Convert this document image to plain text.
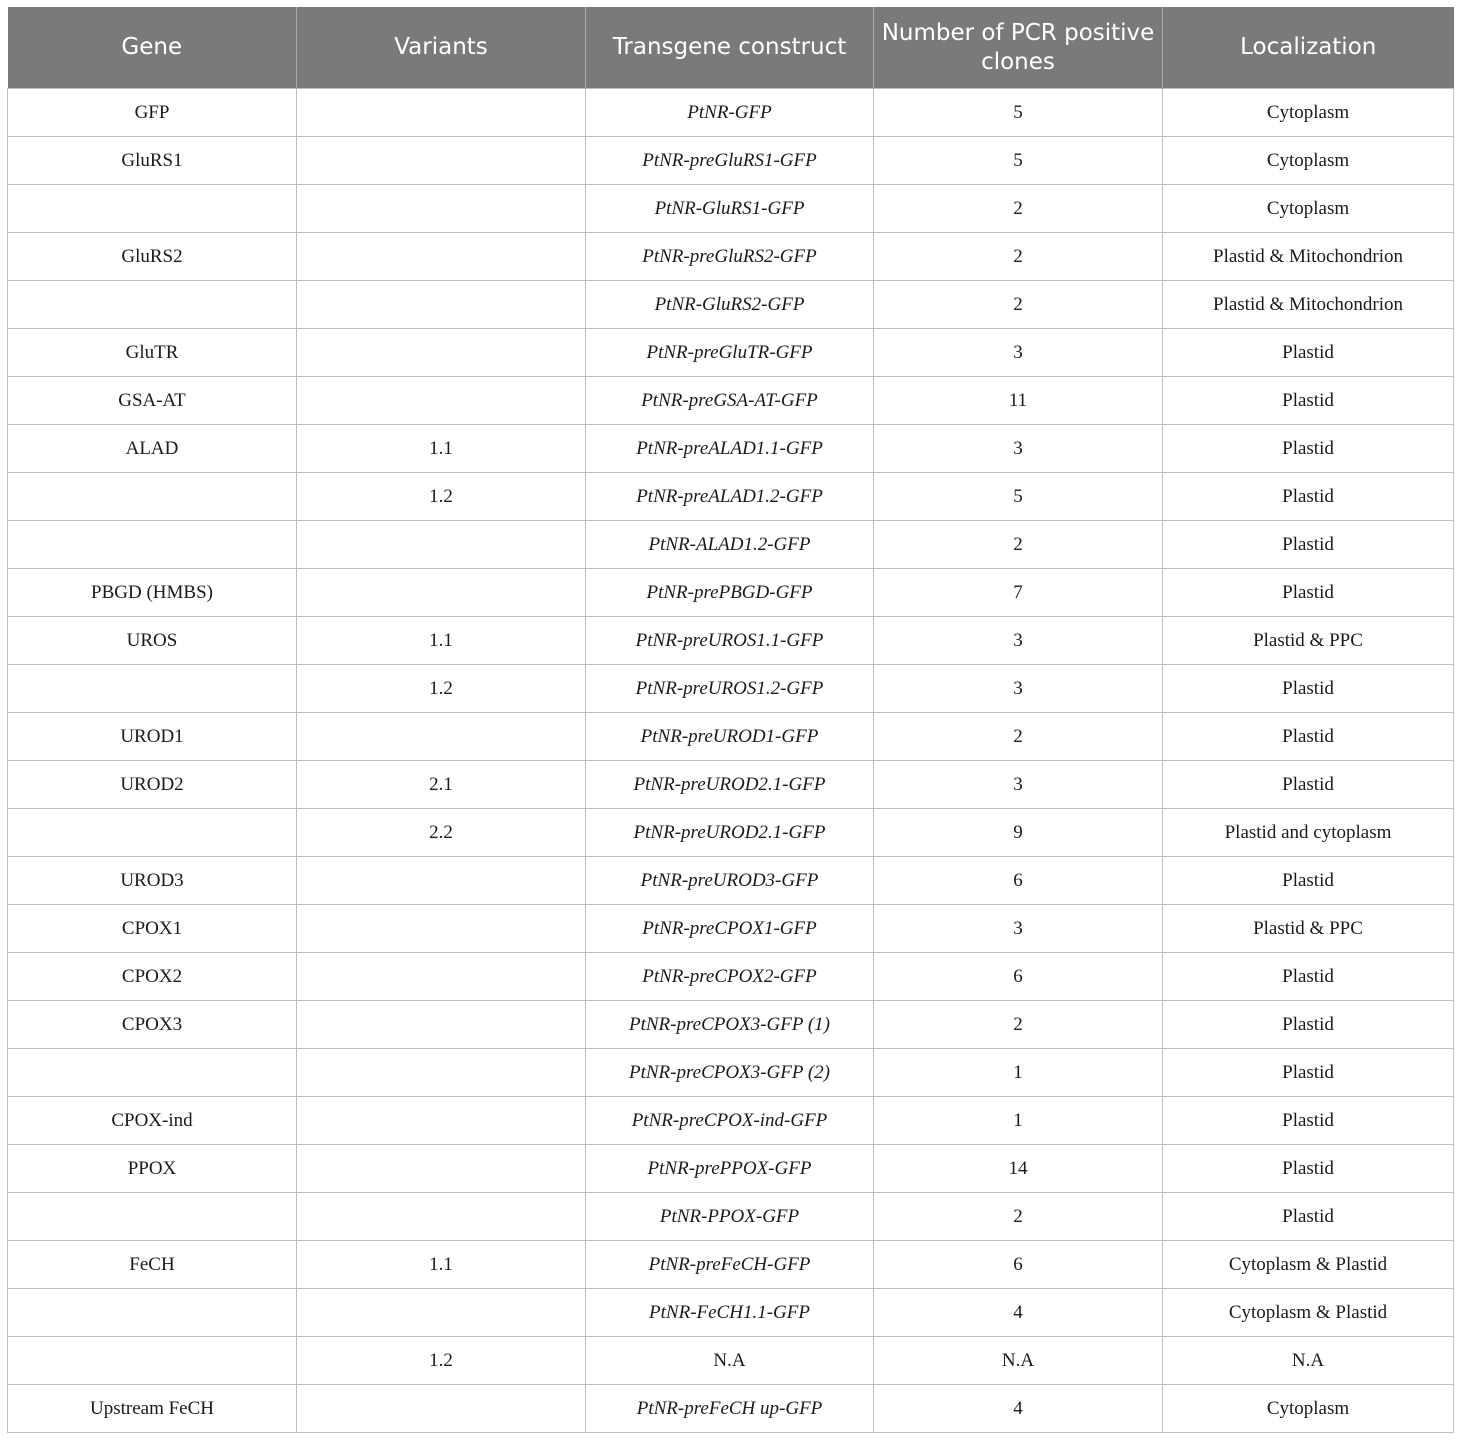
Gene	Variants	Transgene construct	Number of PCR positive clones	Localization
GFP		PtNR-GFP	5	Cytoplasm
GluRS1		PtNR-preGluRS1-GFP	5	Cytoplasm
		PtNR-GluRS1-GFP	2	Cytoplasm
GluRS2		PtNR-preGluRS2-GFP	2	Plastid & Mitochondrion
		PtNR-GluRS2-GFP	2	Plastid & Mitochondrion
GluTR		PtNR-preGluTR-GFP	3	Plastid
GSA-AT		PtNR-preGSA-AT-GFP	11	Plastid
ALAD	1.1	PtNR-preALAD1.1-GFP	3	Plastid
	1.2	PtNR-preALAD1.2-GFP	5	Plastid
		PtNR-ALAD1.2-GFP	2	Plastid
PBGD (HMBS)		PtNR-prePBGD-GFP	7	Plastid
UROS	1.1	PtNR-preUROS1.1-GFP	3	Plastid & PPC
	1.2	PtNR-preUROS1.2-GFP	3	Plastid
UROD1		PtNR-preUROD1-GFP	2	Plastid
UROD2	2.1	PtNR-preUROD2.1-GFP	3	Plastid
	2.2	PtNR-preUROD2.1-GFP	9	Plastid and cytoplasm
UROD3		PtNR-preUROD3-GFP	6	Plastid
CPOX1		PtNR-preCPOX1-GFP	3	Plastid & PPC
CPOX2		PtNR-preCPOX2-GFP	6	Plastid
CPOX3		PtNR-preCPOX3-GFP (1)	2	Plastid
		PtNR-preCPOX3-GFP (2)	1	Plastid
CPOX-ind		PtNR-preCPOX-ind-GFP	1	Plastid
PPOX		PtNR-prePPOX-GFP	14	Plastid
		PtNR-PPOX-GFP	2	Plastid
FeCH	1.1	PtNR-preFeCH-GFP	6	Cytoplasm & Plastid
		PtNR-FeCH1.1-GFP	4	Cytoplasm & Plastid
	1.2	N.A	N.A	N.A
Upstream FeCH		PtNR-preFeCH up-GFP	4	Cytoplasm
